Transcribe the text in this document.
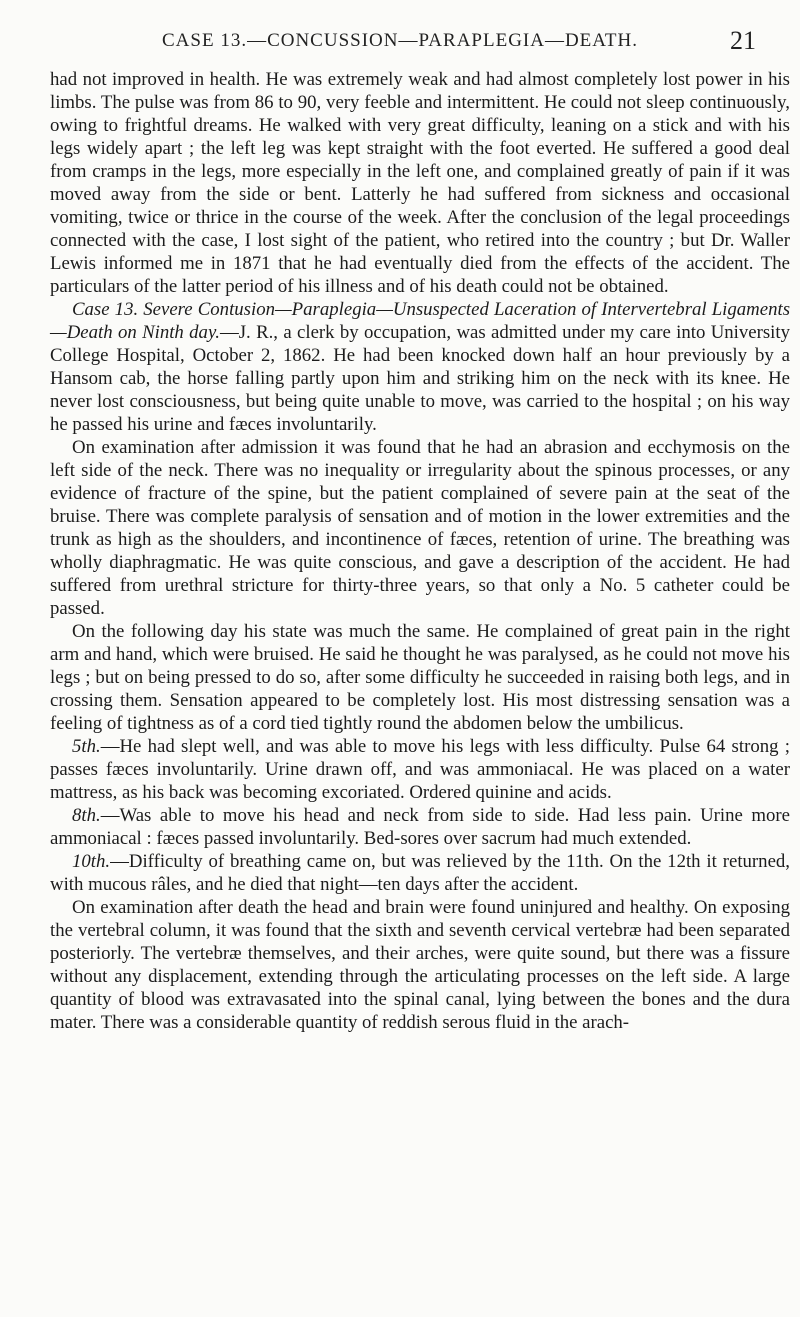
CASE 13.—CONCUSSION—PARAPLEGIA—DEATH.	21

had not improved in health. He was extremely weak and had almost completely lost power in his limbs. The pulse was from 86 to 90, very feeble and intermittent. He could not sleep continuously, owing to frightful dreams. He walked with very great difficulty, leaning on a stick and with his legs widely apart ; the left leg was kept straight with the foot everted. He suffered a good deal from cramps in the legs, more especially in the left one, and complained greatly of pain if it was moved away from the side or bent. Latterly he had suffered from sickness and occasional vomiting, twice or thrice in the course of the week. After the conclusion of the legal proceedings connected with the case, I lost sight of the patient, who retired into the country ; but Dr. Waller Lewis informed me in 1871 that he had eventually died from the effects of the accident. The particulars of the latter period of his illness and of his death could not be obtained.

Case 13. Severe Contusion—Paraplegia—Unsuspected Laceration of Intervertebral Ligaments—Death on Ninth day.—J. R., a clerk by occupation, was admitted under my care into University College Hospital, October 2, 1862. He had been knocked down half an hour previously by a Hansom cab, the horse falling partly upon him and striking him on the neck with its knee. He never lost consciousness, but being quite unable to move, was carried to the hospital ; on his way he passed his urine and fæces involuntarily.

On examination after admission it was found that he had an abrasion and ecchymosis on the left side of the neck. There was no inequality or irregularity about the spinous processes, or any evidence of fracture of the spine, but the patient complained of severe pain at the seat of the bruise. There was complete paralysis of sensation and of motion in the lower extremities and the trunk as high as the shoulders, and incontinence of fæces, retention of urine. The breathing was wholly diaphragmatic. He was quite conscious, and gave a description of the accident. He had suffered from urethral stricture for thirty-three years, so that only a No. 5 catheter could be passed.

On the following day his state was much the same. He complained of great pain in the right arm and hand, which were bruised. He said he thought he was paralysed, as he could not move his legs ; but on being pressed to do so, after some difficulty he succeeded in raising both legs, and in crossing them. Sensation appeared to be completely lost. His most distressing sensation was a feeling of tightness as of a cord tied tightly round the abdomen below the umbilicus.

5th.—He had slept well, and was able to move his legs with less difficulty. Pulse 64 strong ; passes fæces involuntarily. Urine drawn off, and was ammoniacal. He was placed on a water mattress, as his back was becoming excoriated. Ordered quinine and acids.

8th.—Was able to move his head and neck from side to side. Had less pain. Urine more ammoniacal : fæces passed involuntarily. Bed-sores over sacrum had much extended.

10th.—Difficulty of breathing came on, but was relieved by the 11th. On the 12th it returned, with mucous râles, and he died that night—ten days after the accident.

On examination after death the head and brain were found uninjured and healthy. On exposing the vertebral column, it was found that the sixth and seventh cervical vertebræ had been separated posteriorly. The vertebræ themselves, and their arches, were quite sound, but there was a fissure without any displacement, extending through the articulating processes on the left side. A large quantity of blood was extravasated into the spinal canal, lying between the bones and the dura mater. There was a considerable quantity of reddish serous fluid in the arach-
